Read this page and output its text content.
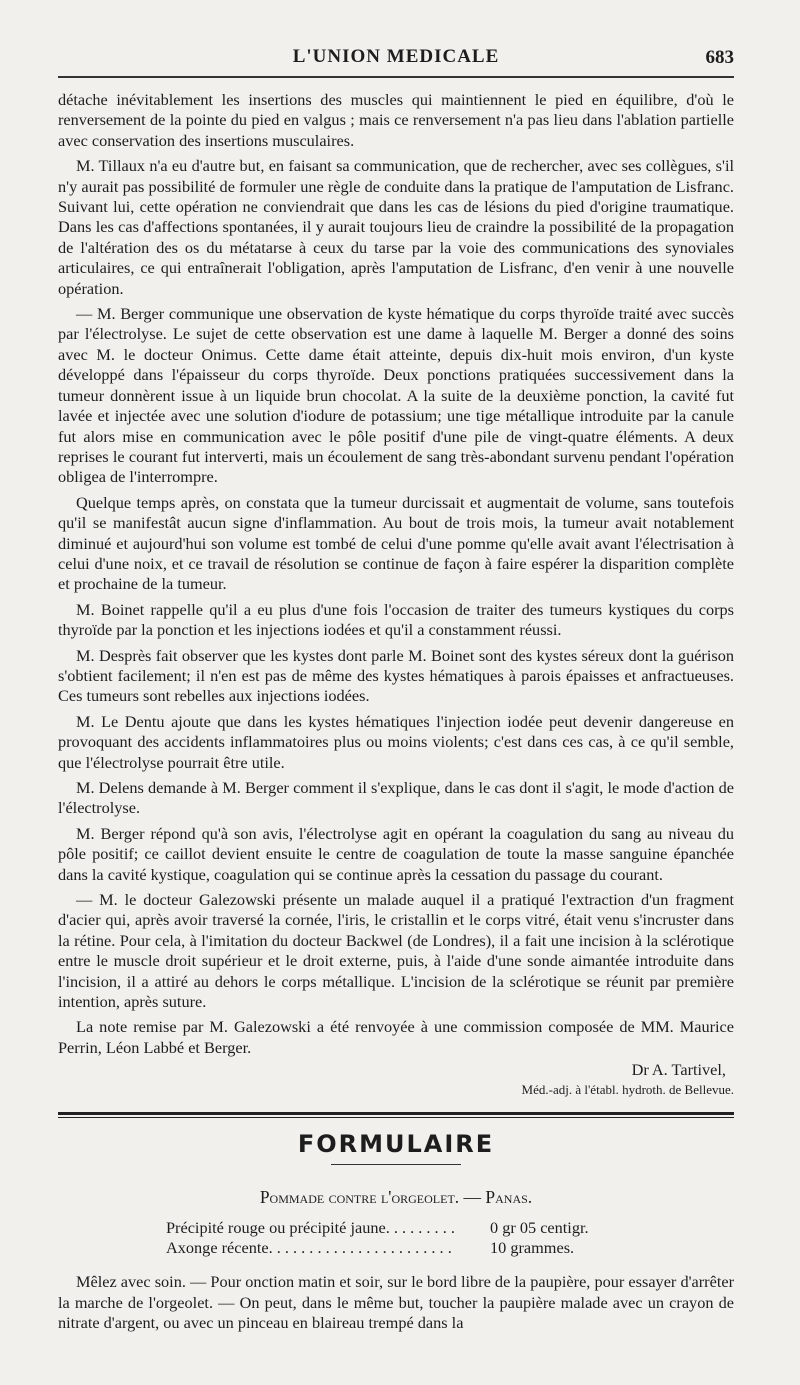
L'UNION MEDICALE	683

détache inévitablement les insertions des muscles qui maintiennent le pied en équilibre, d'où le renversement de la pointe du pied en valgus ; mais ce renversement n'a pas lieu dans l'ablation partielle avec conservation des insertions musculaires.

M. Tillaux n'a eu d'autre but, en faisant sa communication, que de rechercher, avec ses collègues, s'il n'y aurait pas possibilité de formuler une règle de conduite dans la pratique de l'amputation de Lisfranc. Suivant lui, cette opération ne conviendrait que dans les cas de lésions du pied d'origine traumatique. Dans les cas d'affections spontanées, il y aurait toujours lieu de craindre la possibilité de la propagation de l'altération des os du métatarse à ceux du tarse par la voie des communications des synoviales articulaires, ce qui entraînerait l'obligation, après l'amputation de Lisfranc, d'en venir à une nouvelle opération.

— M. Berger communique une observation de kyste hématique du corps thyroïde traité avec succès par l'électrolyse. Le sujet de cette observation est une dame à laquelle M. Berger a donné des soins avec M. le docteur Onimus. Cette dame était atteinte, depuis dix-huit mois environ, d'un kyste développé dans l'épaisseur du corps thyroïde. Deux ponctions pratiquées successivement dans la tumeur donnèrent issue à un liquide brun chocolat. A la suite de la deuxième ponction, la cavité fut lavée et injectée avec une solution d'iodure de potassium; une tige métallique introduite par la canule fut alors mise en communication avec le pôle positif d'une pile de vingt-quatre éléments. A deux reprises le courant fut interverti, mais un écoulement de sang très-abondant survenu pendant l'opération obligea de l'interrompre.

Quelque temps après, on constata que la tumeur durcissait et augmentait de volume, sans toutefois qu'il se manifestât aucun signe d'inflammation. Au bout de trois mois, la tumeur avait notablement diminué et aujourd'hui son volume est tombé de celui d'une pomme qu'elle avait avant l'électrisation à celui d'une noix, et ce travail de résolution se continue de façon à faire espérer la disparition complète et prochaine de la tumeur.

M. Boinet rappelle qu'il a eu plus d'une fois l'occasion de traiter des tumeurs kystiques du corps thyroïde par la ponction et les injections iodées et qu'il a constamment réussi.

M. Desprès fait observer que les kystes dont parle M. Boinet sont des kystes séreux dont la guérison s'obtient facilement; il n'en est pas de même des kystes hématiques à parois épaisses et anfractueuses. Ces tumeurs sont rebelles aux injections iodées.

M. Le Dentu ajoute que dans les kystes hématiques l'injection iodée peut devenir dangereuse en provoquant des accidents inflammatoires plus ou moins violents; c'est dans ces cas, à ce qu'il semble, que l'électrolyse pourrait être utile.

M. Delens demande à M. Berger comment il s'explique, dans le cas dont il s'agit, le mode d'action de l'électrolyse.

M. Berger répond qu'à son avis, l'électrolyse agit en opérant la coagulation du sang au niveau du pôle positif; ce caillot devient ensuite le centre de coagulation de toute la masse sanguine épanchée dans la cavité kystique, coagulation qui se continue après la cessation du passage du courant.

— M. le docteur Galezowski présente un malade auquel il a pratiqué l'extraction d'un fragment d'acier qui, après avoir traversé la cornée, l'iris, le cristallin et le corps vitré, était venu s'incruster dans la rétine. Pour cela, à l'imitation du docteur Backwel (de Londres), il a fait une incision à la sclérotique entre le muscle droit supérieur et le droit externe, puis, à l'aide d'une sonde aimantée introduite dans l'incision, il a attiré au dehors le corps métallique. L'incision de la sclérotique se réunit par première intention, après suture.

La note remise par M. Galezowski a été renvoyée à une commission composée de MM. Maurice Perrin, Léon Labbé et Berger.

Dr A. Tartivel,
Méd.-adj. à l'établ. hydroth. de Bellevue.
FORMULAIRE
Pommade contre l'orgeolet. — Panas.
Précipité rouge ou précipité jaune. . . . . . . . .	0 gr 05 centigr.
Axonge récente. . . . . . . . . . . . . . . . . . . . . . .	10 grammes.

Mêlez avec soin. — Pour onction matin et soir, sur le bord libre de la paupière, pour essayer d'arrêter la marche de l'orgeolet. — On peut, dans le même but, toucher la paupière malade avec un crayon de nitrate d'argent, ou avec un pinceau en blaireau trempé dans la
